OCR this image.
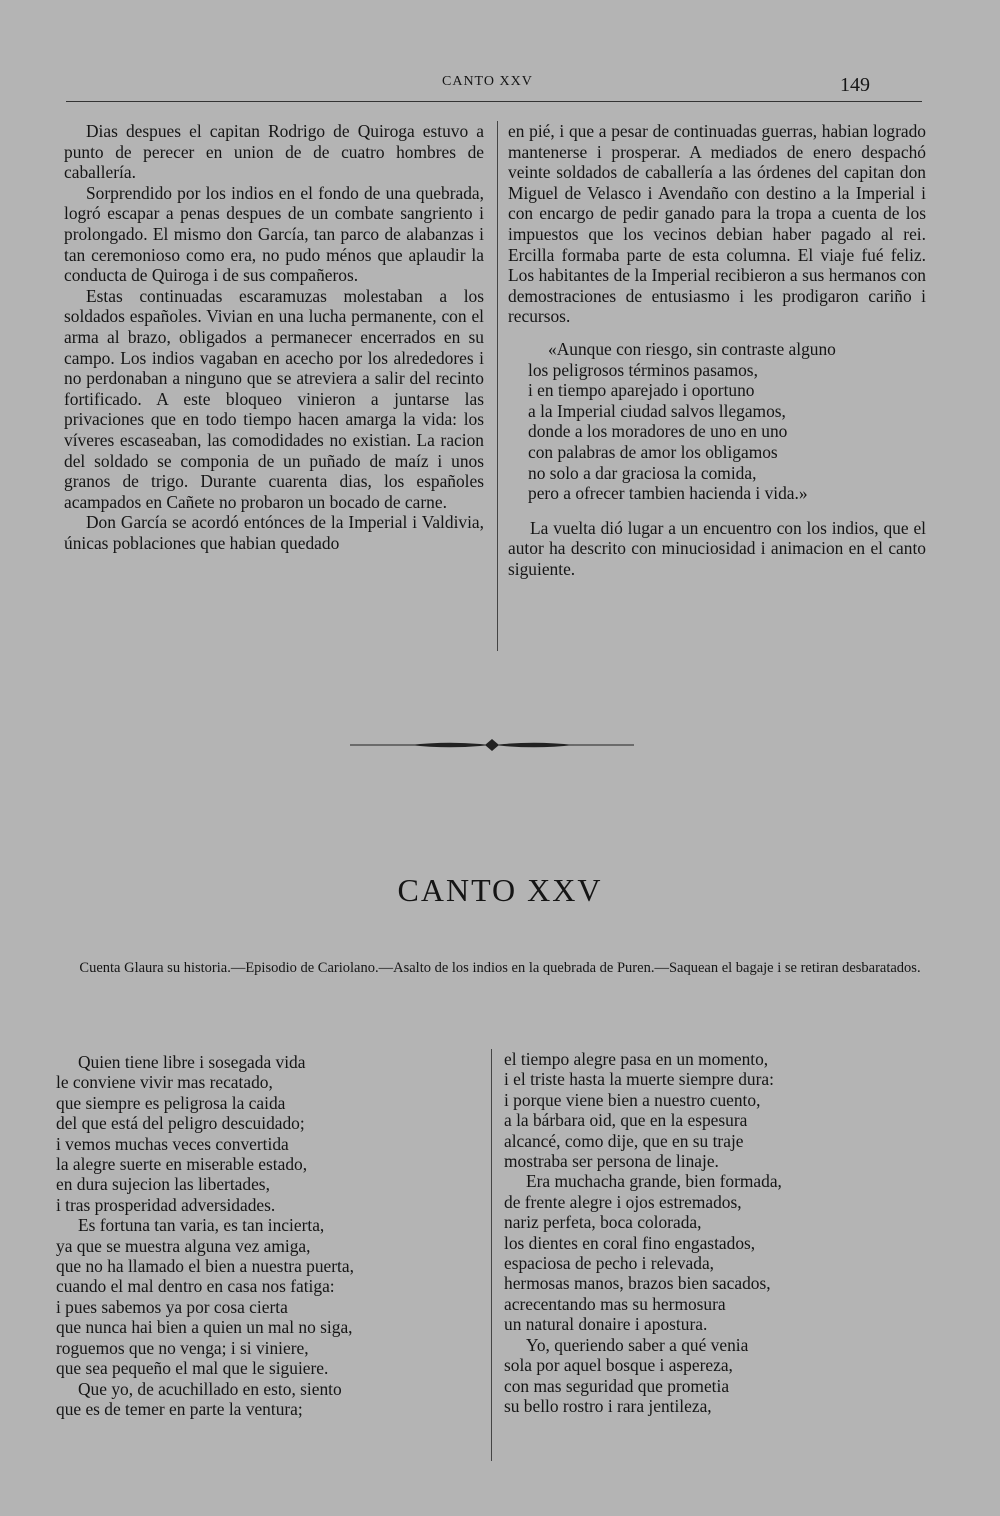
CANTO XXV	149

Dias despues el capitan Rodrigo de Quiroga estuvo a punto de perecer en union de de cuatro hombres de caballería.

Sorprendido por los indios en el fondo de una quebrada, logró escapar a penas despues de un combate sangriento i prolongado. El mismo don García, tan parco de alabanzas i tan ceremonioso como era, no pudo ménos que aplaudir la conducta de Quiroga i de sus compañeros.

Estas continuadas escaramuzas molestaban a los soldados españoles. Vivian en una lucha permanente, con el arma al brazo, obligados a permanecer encerrados en su campo. Los indios vagaban en acecho por los alrededores i no perdonaban a ninguno que se atreviera a salir del recinto fortificado. A este bloqueo vinieron a juntarse las privaciones que en todo tiempo hacen amarga la vida: los víveres escaseaban, las comodidades no existian. La racion del soldado se componia de un puñado de maíz i unos granos de trigo. Durante cuarenta dias, los españoles acampados en Cañete no probaron un bocado de carne.

Don García se acordó entónces de la Imperial i Valdivia, únicas poblaciones que habian quedado

en pié, i que a pesar de continuadas guerras, habian logrado mantenerse i prosperar. A mediados de enero despachó veinte soldados de caballería a las órdenes del capitan don Miguel de Velasco i Avendaño con destino a la Imperial i con encargo de pedir ganado para la tropa a cuenta de los impuestos que los vecinos debian haber pagado al rei. Ercilla formaba parte de esta columna. El viaje fué feliz. Los habitantes de la Imperial recibieron a sus hermanos con demostraciones de entusiasmo i les prodigaron cariño i recursos.

«Aunque con riesgo, sin contraste alguno
los peligrosos términos pasamos,
i en tiempo aparejado i oportuno
a la Imperial ciudad salvos llegamos,
donde a los moradores de uno en uno
con palabras de amor los obligamos
no solo a dar graciosa la comida,
pero a ofrecer tambien hacienda i vida.»

La vuelta dió lugar a un encuentro con los indios, que el autor ha descrito con minuciosidad i animacion en el canto siguiente.

CANTO XXV
Cuenta Glaura su historia.—Episodio de Cariolano.—Asalto de los indios en la quebrada de Puren.—Saquean el bagaje i se retiran desbaratados.
Quien tiene libre i sosegada vida
le conviene vivir mas recatado,
que siempre es peligrosa la caida
del que está del peligro descuidado;
i vemos muchas veces convertida
la alegre suerte en miserable estado,
en dura sujecion las libertades,
i tras prosperidad adversidades.
Es fortuna tan varia, es tan incierta,
ya que se muestra alguna vez amiga,
que no ha llamado el bien a nuestra puerta,
cuando el mal dentro en casa nos fatiga:
i pues sabemos ya por cosa cierta
que nunca hai bien a quien un mal no siga,
roguemos que no venga; i si viniere,
que sea pequeño el mal que le siguiere.
Que yo, de acuchillado en esto, siento
que es de temer en parte la ventura;
el tiempo alegre pasa en un momento,
i el triste hasta la muerte siempre dura:
i porque viene bien a nuestro cuento,
a la bárbara oid, que en la espesura
alcancé, como dije, que en su traje
mostraba ser persona de linaje.
Era muchacha grande, bien formada,
de frente alegre i ojos estremados,
nariz perfeta, boca colorada,
los dientes en coral fino engastados,
espaciosa de pecho i relevada,
hermosas manos, brazos bien sacados,
acrecentando mas su hermosura
un natural donaire i apostura.
Yo, queriendo saber a qué venia
sola por aquel bosque i aspereza,
con mas seguridad que prometia
su bello rostro i rara jentileza,
